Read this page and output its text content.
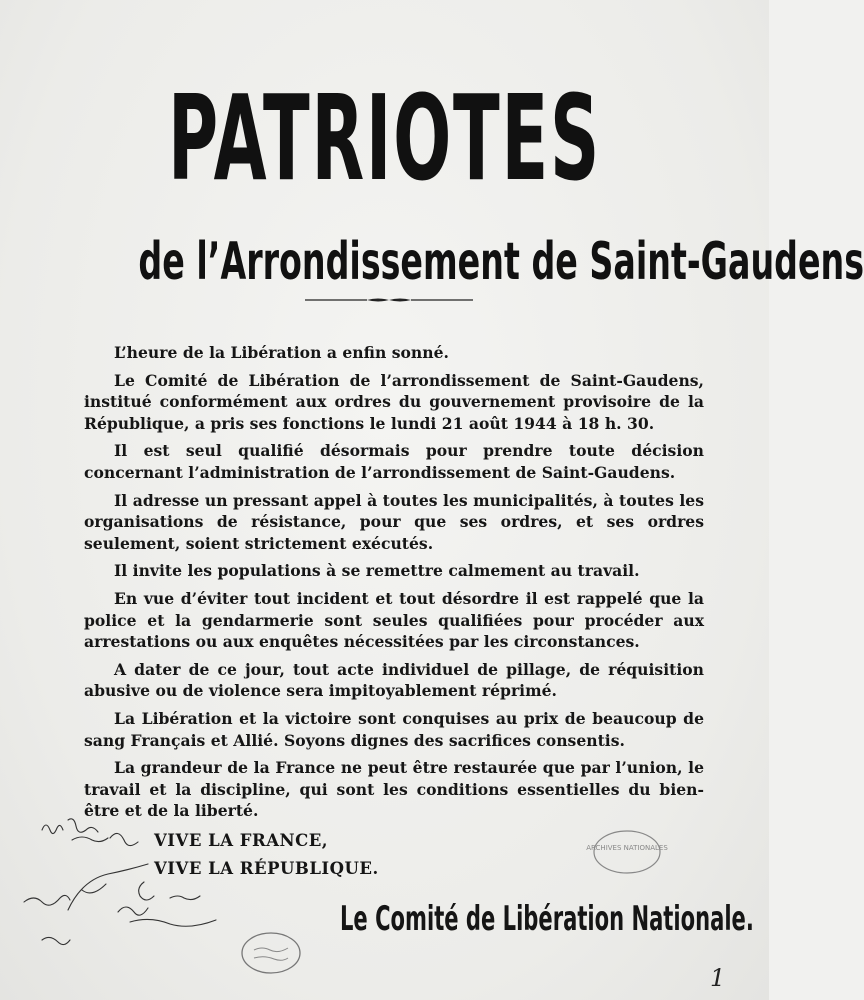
PATRIOTES
de l’Arrondissement de Saint-Gaudens

L’heure de la Libération a enfin sonné.

Le Comité de Libération de l’arrondissement de Saint-Gaudens, institué conformément aux ordres du gouvernement provisoire de la République, a pris ses fonctions le lundi 21 août 1944 à 18 h. 30.

Il est seul qualifié désormais pour prendre toute décision concernant l’administration de l’arrondissement de Saint-Gaudens.

Il adresse un pressant appel à toutes les municipalités, à toutes les organisations de résistance, pour que ses ordres, et ses ordres seulement, soient strictement exécutés.

Il invite les populations à se remettre calmement au travail.

En vue d’éviter tout incident et tout désordre il est rappelé que la police et la gendarmerie sont seules qualifiées pour procéder aux arrestations ou aux enquêtes nécessitées par les circonstances.

A dater de ce jour, tout acte individuel de pillage, de réquisition abusive ou de violence sera impitoyablement réprimé.

La Libération et la victoire sont conquises au prix de beaucoup de sang Français et Allié. Soyons dignes des sacrifices consentis.

La grandeur de la France ne peut être restaurée que par l’union, le travail et la discipline, qui sont les conditions essentielles du bien-être et de la liberté.

VIVE LA FRANCE,
VIVE LA RÉPUBLIQUE.
Le Comité de Libération Nationale.
ARCHIVES NATIONALES
1
